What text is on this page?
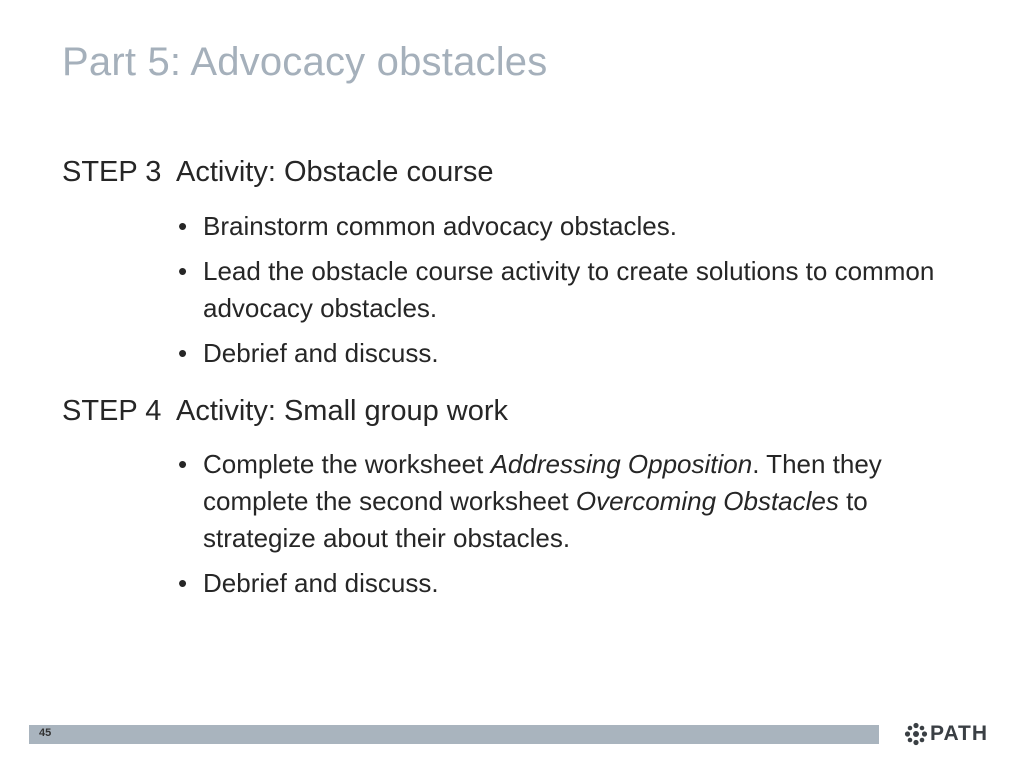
Part 5: Advocacy obstacles
STEP 3 Activity: Obstacle course
• Brainstorm common advocacy obstacles.
• Lead the obstacle course activity to create solutions to common advocacy obstacles.
• Debrief and discuss.
STEP 4 Activity: Small group work
• Complete the worksheet Addressing Opposition. Then they complete the second worksheet Overcoming Obstacles to strategize about their obstacles.
• Debrief and discuss.
45	PATH
